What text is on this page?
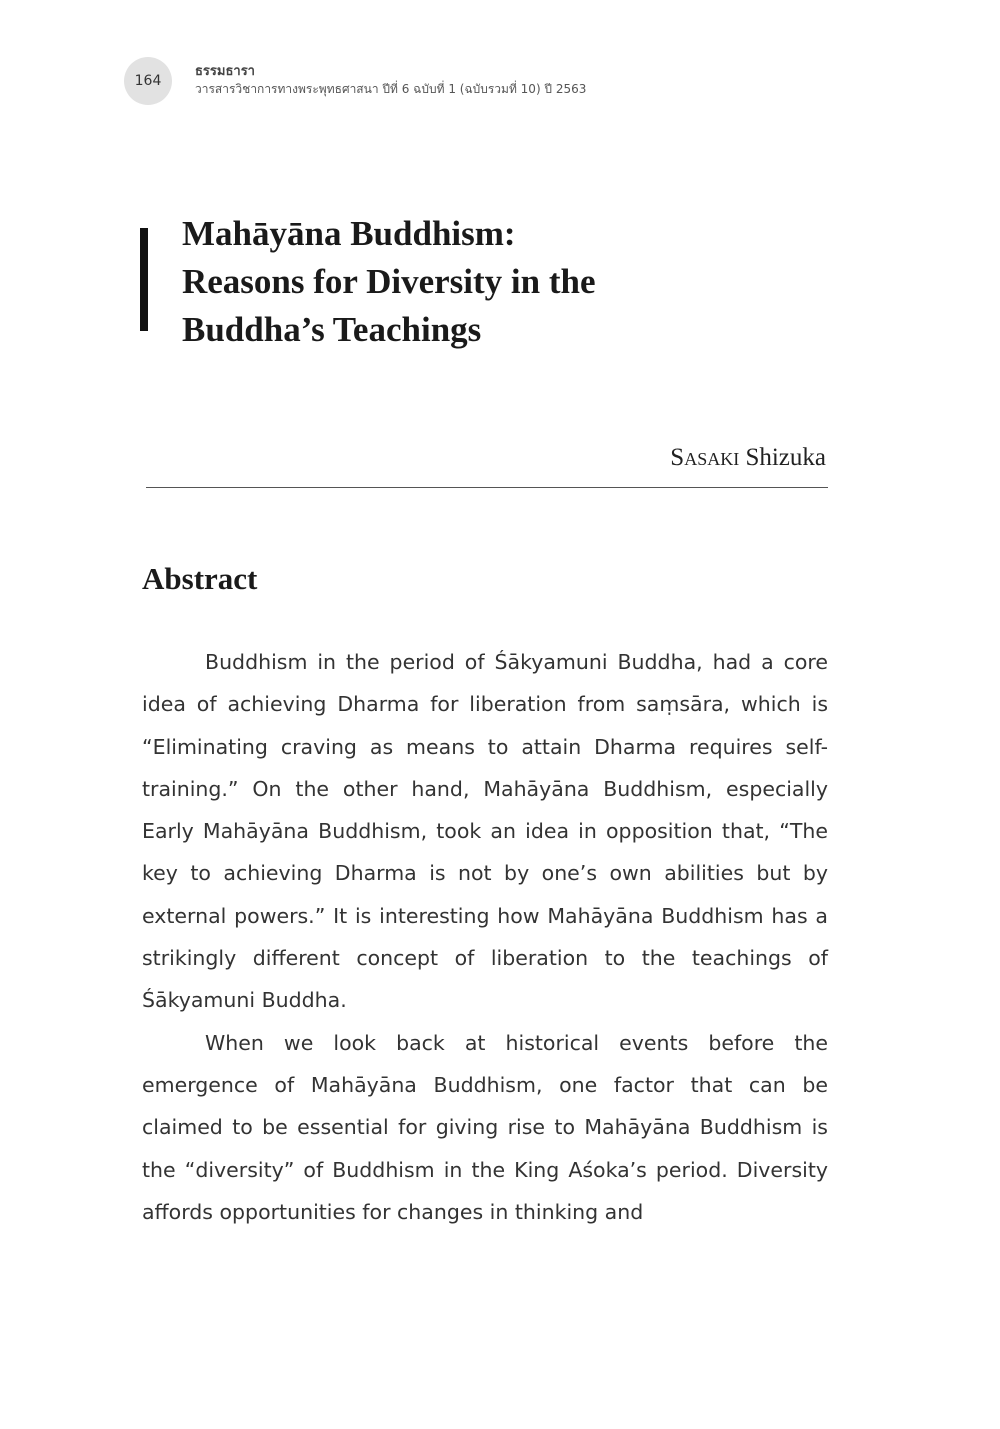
164
ธรรมธารา
วารสารวิชาการทางพระพุทธศาสนา ปีที่ 6 ฉบับที่ 1 (ฉบับรวมที่ 10) ปี 2563
Mahāyāna Buddhism:
Reasons for Diversity in the
Buddha’s Teachings
Sasaki Shizuka
Abstract

Buddhism in the period of Śākyamuni Buddha, had a core idea of achieving Dharma for liberation from saṃsāra, which is “Eliminating craving as means to attain Dharma requires self-training.” On the other hand, Mahāyāna Buddhism, especially Early Mahāyāna Buddhism, took an idea in opposition that, “The key to achieving Dharma is not by one’s own abilities but by external powers.” It is interesting how Mahāyāna Buddhism has a strikingly different concept of liberation to the teachings of Śākyamuni Buddha.

When we look back at historical events before the emergence of Mahāyāna Buddhism, one factor that can be claimed to be essential for giving rise to Mahāyāna Buddhism is the “diversity” of Buddhism in the King Aśoka’s period. Diversity affords opportunities for changes in thinking and
